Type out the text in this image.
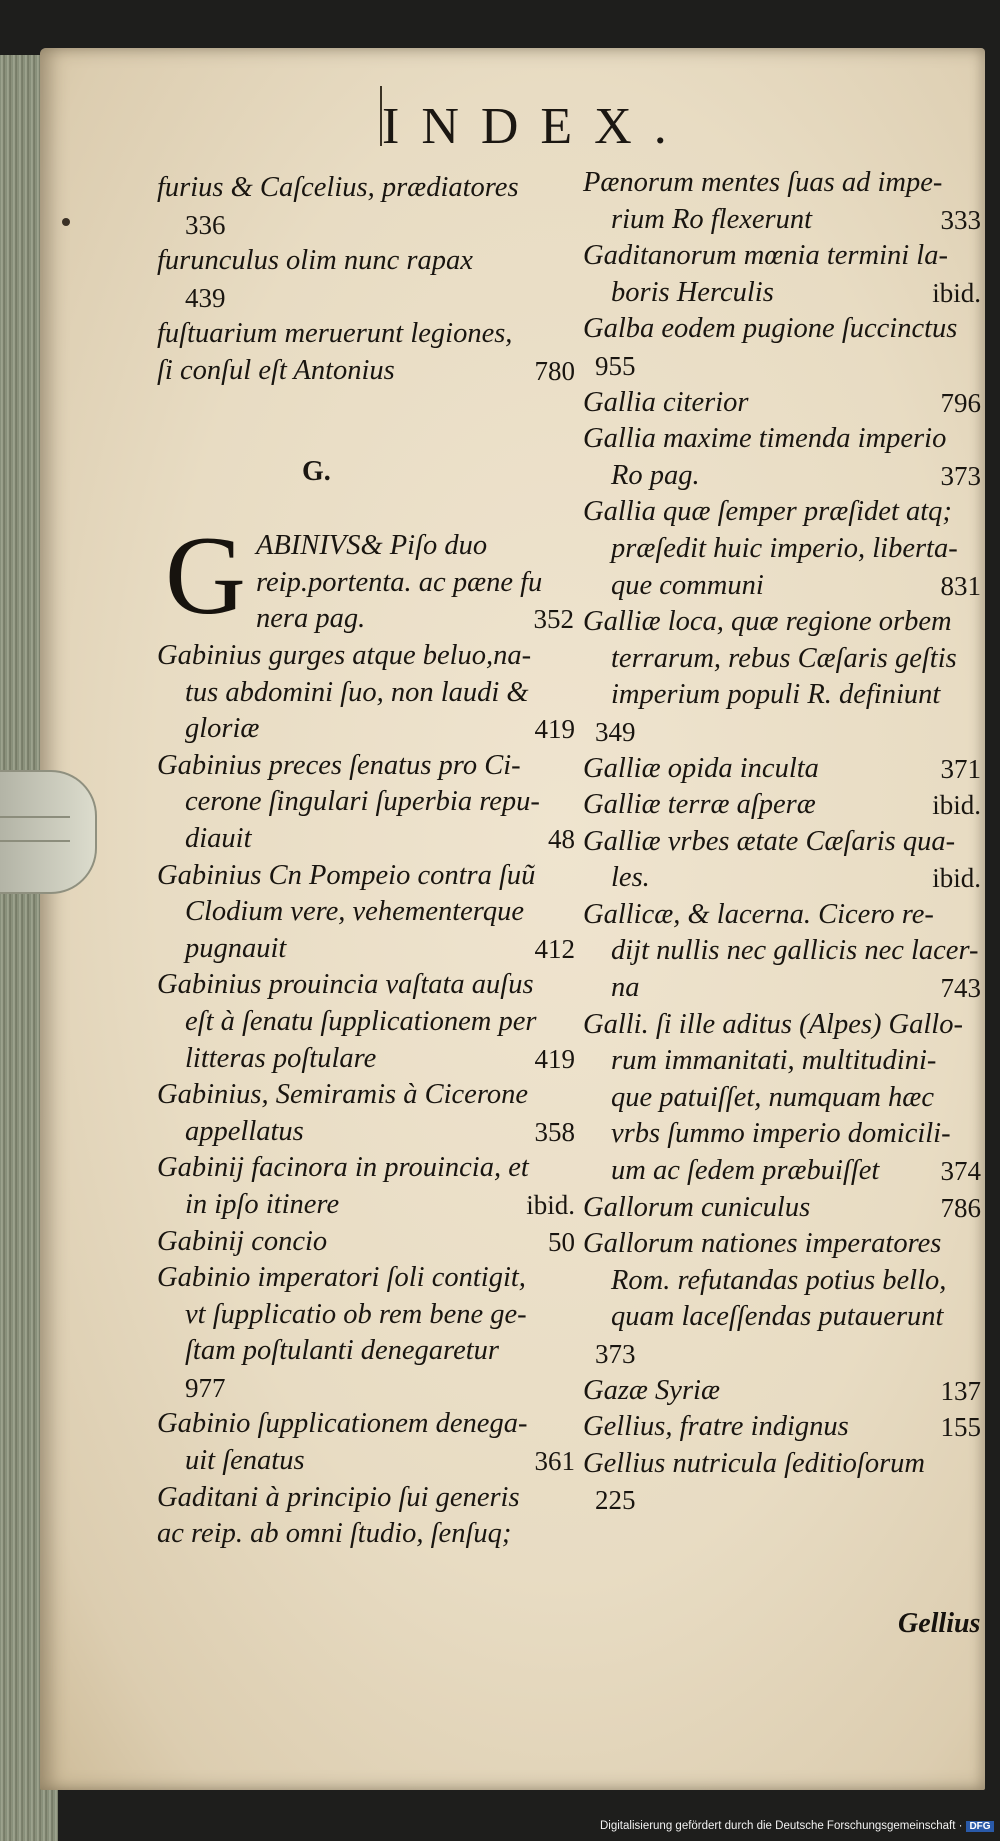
INDEX.
furius & Caſcelius, prædiatores
336
furunculus olim nunc rapax
439
fuſtuarium meruerunt legiones,
ſi conſul eſt Antonius	780
G.
G ABINIVS& Piſo duo
reip.portenta. ac pæne fu
nera pag.	352
Gabinius gurges atque beluo,na-
tus abdomini ſuo, non laudi &
gloriæ	419
Gabinius preces ſenatus pro Ci-
cerone ſingulari ſuperbia repu-
diauit	48
Gabinius Cn Pompeio contra ſuũ
Clodium vere, vehementerque
pugnauit	412
Gabinius prouincia vaſtata auſus
eſt à ſenatu ſupplicationem per
litteras poſtulare	419
Gabinius, Semiramis à Cicerone
appellatus	358
Gabinij facinora in prouincia, et
in ipſo itinere	ibid.
Gabinij concio	50
Gabinio imperatori ſoli contigit,
vt ſupplicatio ob rem bene ge-
ſtam poſtulanti denegaretur
977
Gabinio ſupplicationem denega-
uit ſenatus	361
Gaditani à principio ſui generis
ac reip. ab omni ſtudio, ſenſuq;
Pænorum mentes ſuas ad impe-
rium Ro flexerunt	333
Gaditanorum mœnia termini la-
boris Herculis	ibid.
Galba eodem pugione ſuccinctus
955
Gallia citerior	796
Gallia maxime timenda imperio
Ro pag.	373
Gallia quæ ſemper præſidet atq;
præſedit huic imperio, liberta-
que communi	831
Galliæ loca, quæ regione orbem
terrarum, rebus Cæſaris geſtis
imperium populi R. definiunt
349
Galliæ opida inculta	371
Galliæ terræ aſperæ	ibid.
Galliæ vrbes ætate Cæſaris qua-
les.	ibid.
Gallicæ, & lacerna. Cicero re-
dijt nullis nec gallicis nec lacer-
na	743
Galli. ſi ille aditus (Alpes) Gallo-
rum immanitati, multitudini-
que patuiſſet, numquam hæc
vrbs ſummo imperio domicili-
um ac ſedem præbuiſſet 374
Gallorum cuniculus	786
Gallorum nationes imperatores
Rom. refutandas potius bello,
quam laceſſendas putauerunt
373
Gazæ Syriæ	137
Gellius, fratre indignus	155
Gellius nutricula ſeditioſorum
225
Gellius
Digitalisierung gefördert durch die Deutsche Forschungsgemeinschaft · DFG
